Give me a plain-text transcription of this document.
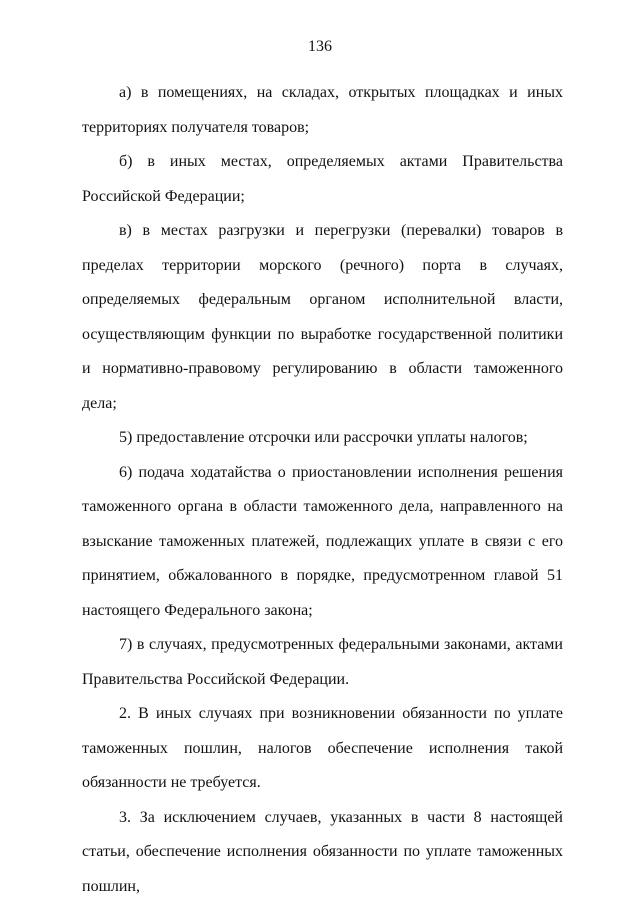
136

а) в помещениях, на складах, открытых площадках и иных территориях получателя товаров;

б) в иных местах, определяемых актами Правительства Российской Федерации;

в) в местах разгрузки и перегрузки (перевалки) товаров в пределах территории морского (речного) порта в случаях, определяемых федеральным органом исполнительной власти, осуществляющим функции по выработке государственной политики и нормативно-правовому регулированию в области таможенного дела;

5) предоставление отсрочки или рассрочки уплаты налогов;

6) подача ходатайства о приостановлении исполнения решения таможенного органа в области таможенного дела, направленного на взыскание таможенных платежей, подлежащих уплате в связи с его принятием, обжалованного в порядке, предусмотренном главой 51 настоящего Федерального закона;

7) в случаях, предусмотренных федеральными законами, актами Правительства Российской Федерации.

2. В иных случаях при возникновении обязанности по уплате таможенных пошлин, налогов обеспечение исполнения такой обязанности не требуется.

3. За исключением случаев, указанных в части 8 настоящей статьи, обеспечение исполнения обязанности по уплате таможенных пошлин,
